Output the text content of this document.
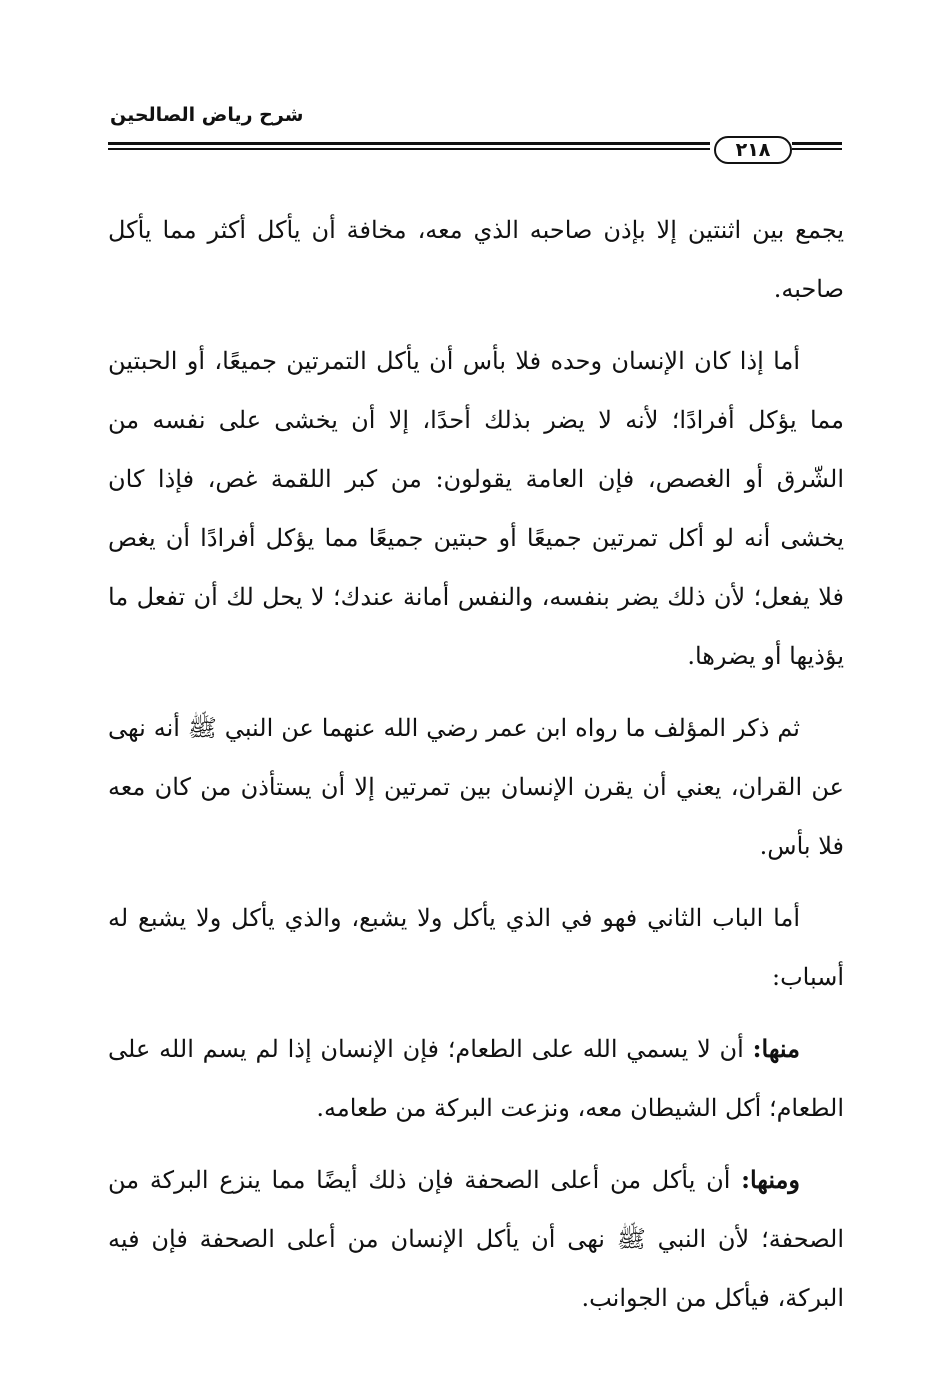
شرح رياض الصالحين
٢١٨

يجمع بين اثنتين إلا بإذن صاحبه الذي معه، مخافة أن يأكل أكثر مما يأكل صاحبه.

أما إذا كان الإنسان وحده فلا بأس أن يأكل التمرتين جميعًا، أو الحبتين مما يؤكل أفرادًا؛ لأنه لا يضر بذلك أحدًا، إلا أن يخشى على نفسه من الشّرق أو الغصص، فإن العامة يقولون: من كبر اللقمة غص، فإذا كان يخشى أنه لو أكل تمرتين جميعًا أو حبتين جميعًا مما يؤكل أفرادًا أن يغص فلا يفعل؛ لأن ذلك يضر بنفسه، والنفس أمانة عندك؛ لا يحل لك أن تفعل ما يؤذيها أو يضرها.

ثم ذكر المؤلف ما رواه ابن عمر رضي الله عنهما عن النبي ﷺ أنه نهى عن القران، يعني أن يقرن الإنسان بين تمرتين إلا أن يستأذن من كان معه فلا بأس.

أما الباب الثاني فهو في الذي يأكل ولا يشبع، والذي يأكل ولا يشبع له أسباب:

منها: أن لا يسمي الله على الطعام؛ فإن الإنسان إذا لم يسم الله على الطعام؛ أكل الشيطان معه، ونزعت البركة من طعامه.

ومنها: أن يأكل من أعلى الصحفة فإن ذلك أيضًا مما ينزع البركة من الصحفة؛ لأن النبي ﷺ نهى أن يأكل الإنسان من أعلى الصحفة فإن فيه البركة، فيأكل من الجوانب.
